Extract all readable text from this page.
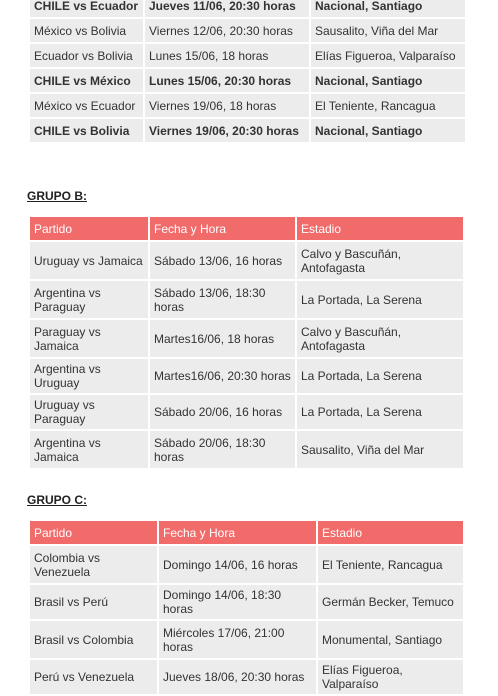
CHILE vs Ecuador	Jueves 11/06, 20:30 horas	Nacional, Santiago
México vs Bolivia	Viernes 12/06, 20:30 horas	Sausalito, Viña del Mar
Ecuador vs Bolivia	Lunes 15/06, 18 horas	Elías Figueroa, Valparaíso
CHILE vs México	Lunes 15/06, 20:30 horas	Nacional, Santiago
México vs Ecuador	Viernes 19/06, 18 horas	El Teniente, Rancagua
CHILE vs Bolivia	Viernes 19/06, 20:30 horas	Nacional, Santiago
GRUPO B:
Partido	Fecha y Hora	Estadio
Uruguay vs Jamaica	Sábado 13/06, 16 horas	Calvo y Bascuñán, Antofagasta
Argentina vs Paraguay	Sábado 13/06, 18:30 horas	La Portada, La Serena
Paraguay vs Jamaica	Martes16/06, 18 horas	Calvo y Bascuñán, Antofagasta
Argentina vs Uruguay	Martes16/06, 20:30 horas	La Portada, La Serena
Uruguay vs Paraguay	Sábado 20/06, 16 horas	La Portada, La Serena
Argentina vs Jamaica	Sábado 20/06, 18:30 horas	Sausalito, Viña del Mar
GRUPO C:
Partido	Fecha y Hora	Estadio
Colombia vs Venezuela	Domingo 14/06, 16 horas	El Teniente, Rancagua
Brasil vs Perú	Domingo 14/06, 18:30 horas	Germán Becker, Temuco
Brasil vs Colombia	Miércoles 17/06, 21:00 horas	Monumental, Santiago
Perú vs Venezuela	Jueves 18/06, 20:30 horas	Elías Figueroa, Valparaíso
